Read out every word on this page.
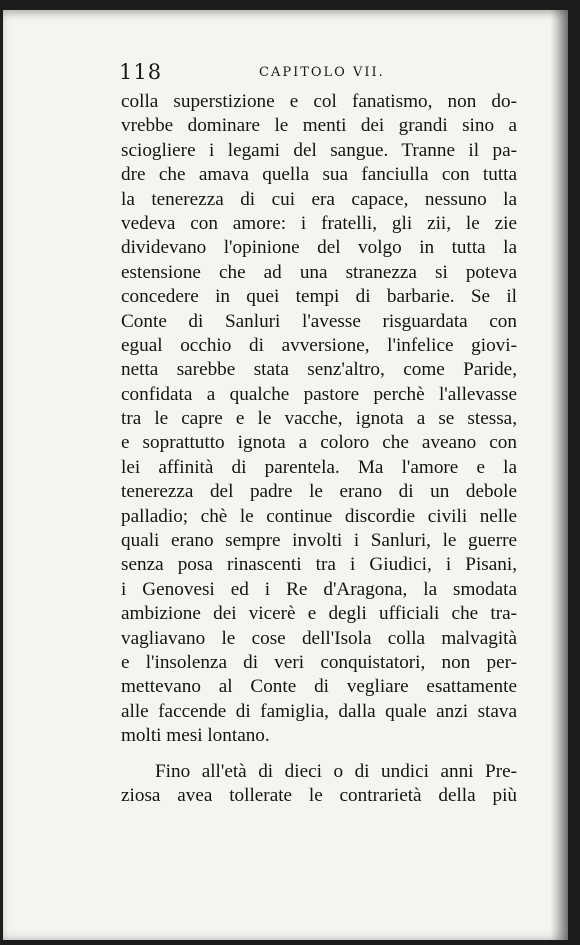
118	CAPITOLO VII.
colla superstizione e col fanatismo, non do-
vrebbe dominare le menti dei grandi sino a
sciogliere i legami del sangue. Tranne il pa-
dre che amava quella sua fanciulla con tutta
la tenerezza di cui era capace, nessuno la
vedeva con amore: i fratelli, gli zii, le zie
dividevano l'opinione del volgo in tutta la
estensione che ad una stranezza si poteva
concedere in quei tempi di barbarie. Se il
Conte di Sanluri l'avesse risguardata con
egual occhio di avversione, l'infelice giovi-
netta sarebbe stata senz'altro, come Paride,
confidata a qualche pastore perchè l'allevasse
tra le capre e le vacche, ignota a se stessa,
e soprattutto ignota a coloro che aveano con
lei affinità di parentela. Ma l'amore e la
tenerezza del padre le erano di un debole
palladio; chè le continue discordie civili nelle
quali erano sempre involti i Sanluri, le guerre
senza posa rinascenti tra i Giudici, i Pisani,
i Genovesi ed i Re d'Aragona, la smodata
ambizione dei vicerè e degli ufficiali che tra-
vagliavano le cose dell'Isola colla malvagità
e l'insolenza di veri conquistatori, non per-
mettevano al Conte di vegliare esattamente
alle faccende di famiglia, dalla quale anzi stava
molti mesi lontano.
Fino all'età di dieci o di undici anni Pre-
ziosa avea tollerate le contrarietà della più
